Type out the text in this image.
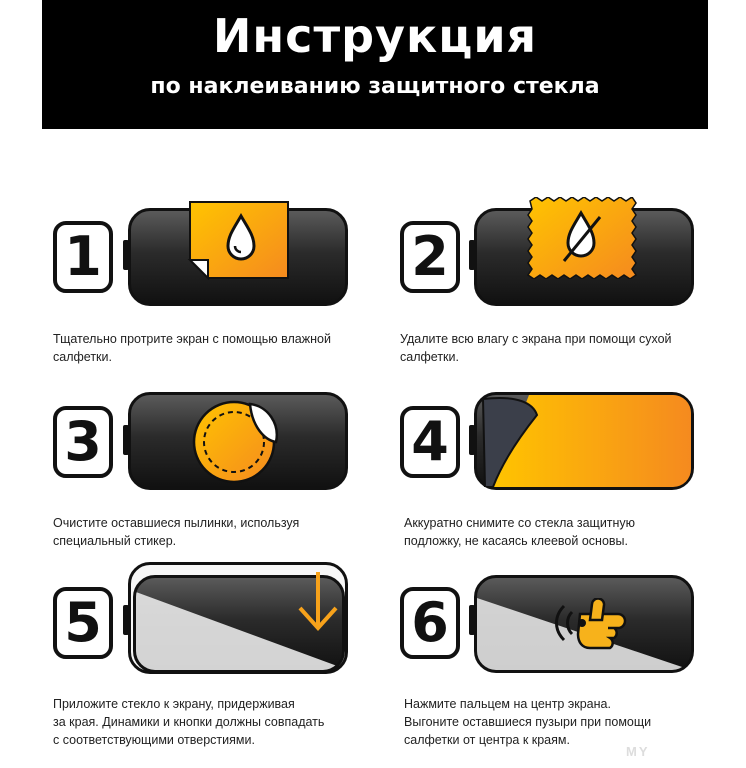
Инструкция
по наклеиванию защитного стекла
1
Тщательно протрите экран с помощью влажной
салфетки.
2
Удалите всю влагу с экрана при помощи сухой
салфетки.
3
Очистите оставшиеся пылинки, используя
специальный стикер.
4
Аккуратно снимите со стекла защитную
подложку, не касаясь клеевой основы.
5
Приложите стекло к экрану, придерживая
за края. Динамики и кнопки должны совпадать
с соответствующими отверстиями.
6
Нажмите пальцем на центр экрана.
Выгоните оставшиеся пузыри при помощи
салфетки от центра к краям.
MY
